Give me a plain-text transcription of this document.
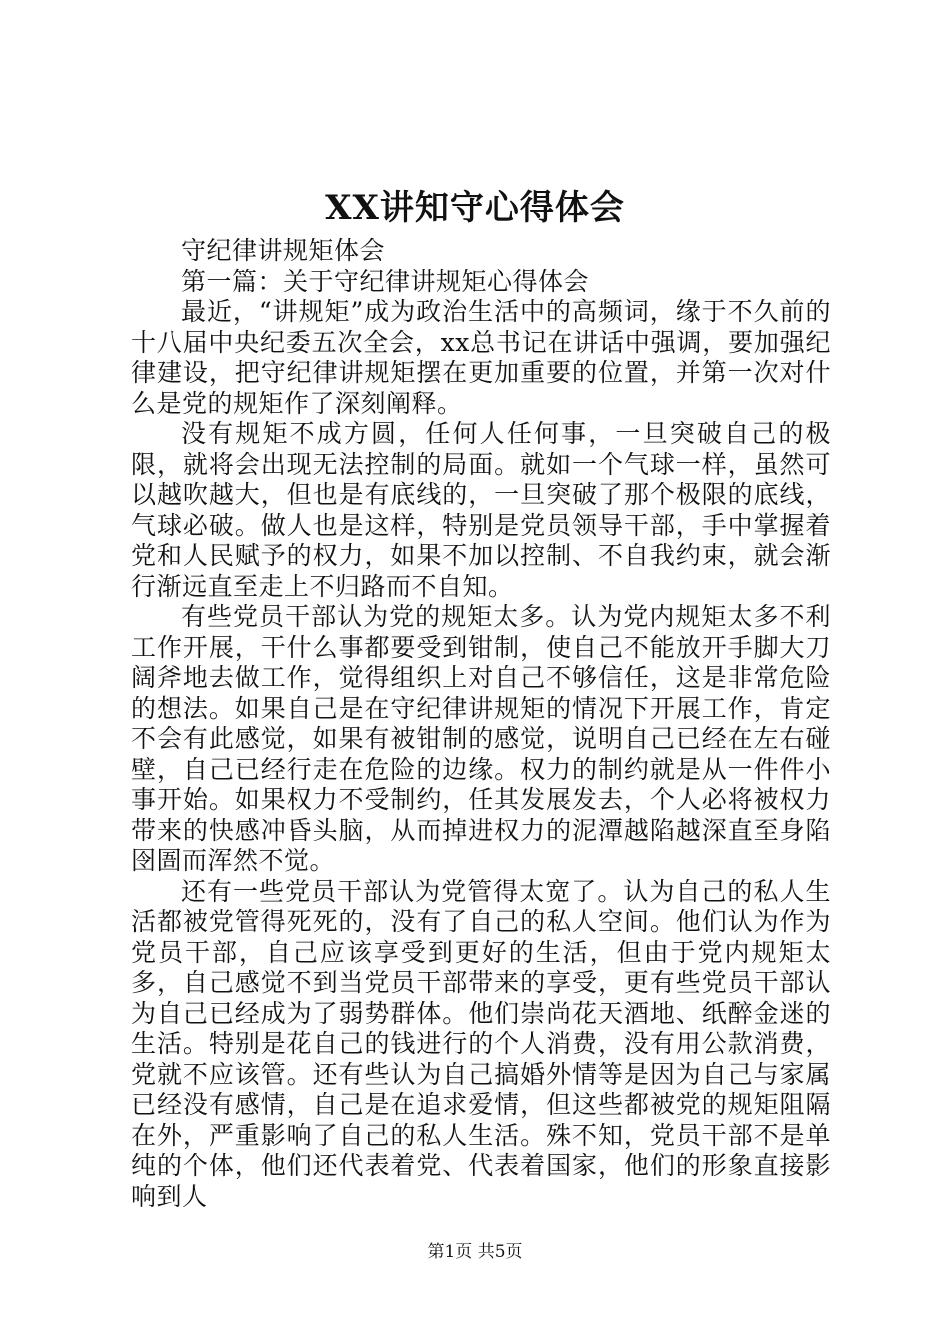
XX讲知守心得体会

守纪律讲规矩体会

第一篇：关于守纪律讲规矩心得体会

最近，“讲规矩”成为政治生活中的高频词，缘于不久前的十八届中央纪委五次全会，xx总书记在讲话中强调，要加强纪律建设，把守纪律讲规矩摆在更加重要的位置，并第一次对什么是党的规矩作了深刻阐释。

没有规矩不成方圆，任何人任何事，一旦突破自己的极限，就将会出现无法控制的局面。就如一个气球一样，虽然可以越吹越大，但也是有底线的，一旦突破了那个极限的底线，气球必破。做人也是这样，特别是党员领导干部，手中掌握着党和人民赋予的权力，如果不加以控制、不自我约束，就会渐行渐远直至走上不归路而不自知。

有些党员干部认为党的规矩太多。认为党内规矩太多不利工作开展，干什么事都要受到钳制，使自己不能放开手脚大刀阔斧地去做工作，觉得组织上对自己不够信任，这是非常危险的想法。如果自己是在守纪律讲规矩的情况下开展工作，肯定不会有此感觉，如果有被钳制的感觉，说明自己已经在左右碰壁，自己已经行走在危险的边缘。权力的制约就是从一件件小事开始。如果权力不受制约，任其发展发去，个人必将被权力带来的快感冲昏头脑，从而掉进权力的泥潭越陷越深直至身陷囹圄而浑然不觉。

还有一些党员干部认为党管得太宽了。认为自己的私人生活都被党管得死死的，没有了自己的私人空间。他们认为作为党员干部，自己应该享受到更好的生活，但由于党内规矩太多，自己感觉不到当党员干部带来的享受，更有些党员干部认为自己已经成为了弱势群体。他们崇尚花天酒地、纸醉金迷的生活。特别是花自己的钱进行的个人消费，没有用公款消费，党就不应该管。还有些认为自己搞婚外情等是因为自己与家属已经没有感情，自己是在追求爱情，但这些都被党的规矩阻隔在外，严重影响了自己的私人生活。殊不知，党员干部不是单纯的个体，他们还代表着党、代表着国家，他们的形象直接影响到人

第1页 共5页
